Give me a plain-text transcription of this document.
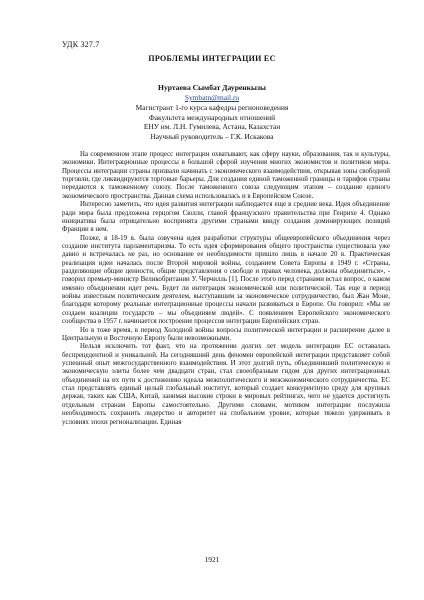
УДК 327.7
ПРОБЛЕМЫ ИНТЕГРАЦИИ ЕС
Нуртаева Сымбат Дауренкызы
Symbatn@mail.ru
Магистрант 1-го курса кафедры регионоведения
Факультета международных отношений
ЕНУ им. Л.Н. Гумилева, Астана, Казахстан
Научный руководитель – Г.К. Искакова

На современном этапе процесс интеграции охватывают, как сферу науки, образования, так и культуры, экономики. Интеграционные процессы в большой сферой изучения многих экономистов и политиков мира. Процессы интеграции страны призвали начинать с экономического взаимодействия, открывая зоны свободной торговли, где ликвидируются торговые барьеры. Для создания единой таможенной границы и тарифов страны передаются к таможенному союзу. После таможенного союза следующим этапом – создание единого экономического пространства. Данная схема использовалась и в Европейском Союзе.

Интересно заметить, что идея развития интеграции наблюдается еще в средние века. Идея объединение ради мира была предложена герцогом Сюлли, главой французского правительства при Генрихе 4. Однако инициатива была отрицательно воспринята другими странами ввиду создания доминирующих позиций Франции в нем.

Позже, в 18-19 в. была озвучена идея разработки структуры общеевропейского объединения через создание института парламентаризма. То есть идея сформирования общего пространства существовала уже давно и встречалась не раз, но основание ее необходимости пришло лишь в начале 20 в. Практическая реализация идеи началась после Второй мировой войны, созданием Совета Европы в 1949 г. «Страны, разделяющие общие ценности, общие представления о свободе и правах человека, должны объединиться», - говорил премьер-министр Великобритании У. Черчилль [1]. После этого перед странами встал вопрос, о каком именно объединении идет речь. Будет ли интеграция экономической или политической. Так еще в период войны известным политическим деятелем, выступавшим за экономическое сотрудничество, был Жан Моне, благодаря которому реальные интеграционные процессы начали развиваться в Европе. Он говорил: «Мы не создаем коалиции государств – мы объединяем людей». С появлением Европейского экономического сообщества в 1957 г. начинается построение процессов интеграции Европейских стран.

Но в тоже время, в период Холодной войны вопросы политической интеграции и расширение далее в Центральную и Восточную Европу были невозможными.

Нельзя исключить тот факт, что на протяжении долгих лет модель интеграции ЕС оставалась беспрецедентной и уникальной. На сегодняшний день феномен европейской интеграции представляет собой успешный опыт межгосударственного взаимодействия. И этот долгий путь, объединивший политическую и экономическую элиты более чем двадцати стран, стал своеобразным гидом для других интеграционных объединений на их пути к достижению идеала межполитического и межэкономического сотрудничества. ЕС стал представлять единый целый глобальный институт, который создает конкурентную среду для крупных держав, таких как США, Китай, занимая высокие строки в мировых рейтингах, чего не удается достигнуть отдельным странам Европы самостоятельно. Другими словами, мотивом интеграции послужила необходимость сохранить лидерство и авторитет на глобальном уровне, которые тяжело удерживать в условиях эпохи регионализации. Единая

1921
